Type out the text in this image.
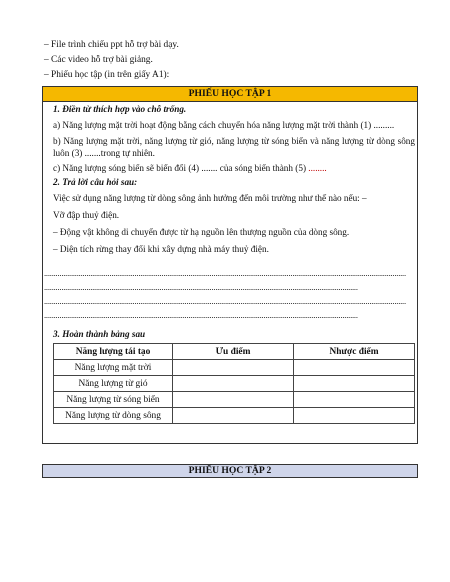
– File trình chiếu ppt hỗ trợ bài dạy.
– Các video hỗ trợ bài giảng.
– Phiếu học tập (in trên giấy A1):
PHIẾU HỌC TẬP 1
1. Điền từ thích hợp vào chỗ trống.
a) Năng lượng mặt trời hoạt động bằng cách chuyển hóa năng lượng mặt trời thành (1) .........
b) Năng lượng mặt trời, năng lượng từ gió, năng lượng từ sóng biển và năng lượng từ dòng sông luôn (3) .......trong tự nhiên.
c) Năng lượng sóng biển sẽ biến đổi (4) ....... của sóng biển thành (5) ........
2. Trả lời câu hỏi sau:
Việc sử dụng năng lượng từ dòng sông ảnh hưởng đến môi trường như thế nào nếu: –
Vỡ đập thuỷ điện.
– Động vật không di chuyển được từ hạ nguồn lên thượng nguồn của dòng sông.
– Diện tích rừng thay đổi khi xây dựng nhà máy thuỷ điện.
............................................................................................................................................................................................
...................................................................................................................................................................
............................................................................................................................................................................................
...................................................................................................................................................................
3. Hoàn thành bảng sau
Năng lượng tái tạo	Ưu điểm	Nhược điểm
Năng lượng mặt trời		
Năng lượng từ gió		
Năng lượng từ sóng biển		
Năng lượng từ dòng sông		
PHIẾU HỌC TẬP 2
